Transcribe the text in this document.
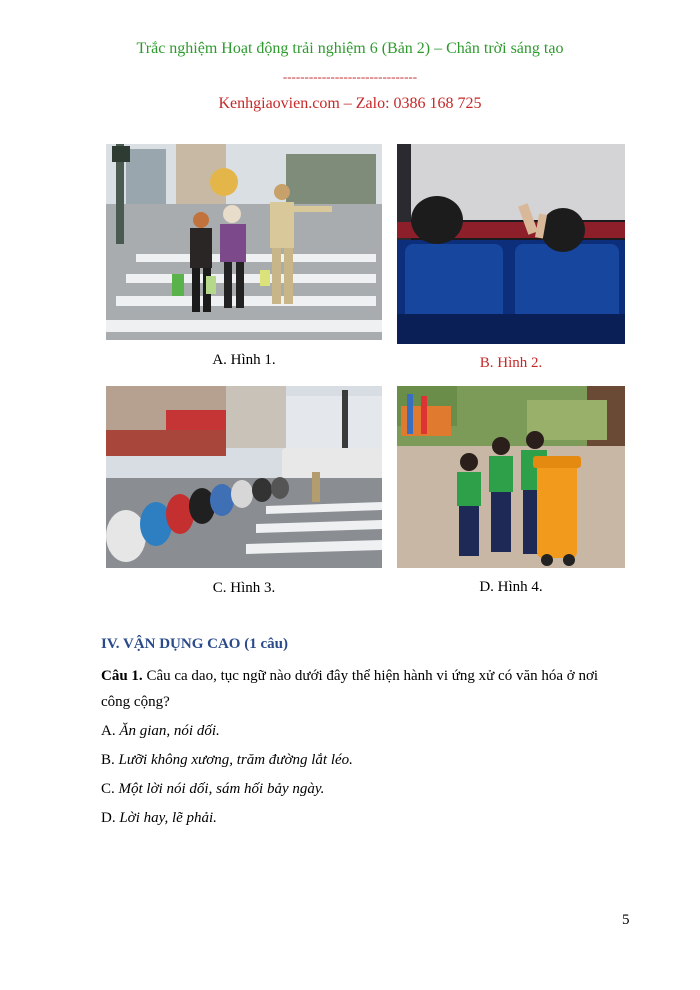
Trắc nghiệm Hoạt động trải nghiệm 6 (Bản 2) – Chân trời sáng tạo
-------------------------------
Kenhgiaovien.com – Zalo: 0386 168 725
A. Hình 1.	B. Hình 2.
C. Hình 3.	D. Hình 4.
IV. VẬN DỤNG CAO (1 câu)
Câu 1. Câu ca dao, tục ngữ nào dưới đây thể hiện hành vi ứng xử có văn hóa ở nơi
công cộng?
A. Ăn gian, nói dối.
B. Lưỡi không xương, trăm đường lắt léo.
C. Một lời nói dối, sám hối bảy ngày.
D. Lời hay, lẽ phải.
5
